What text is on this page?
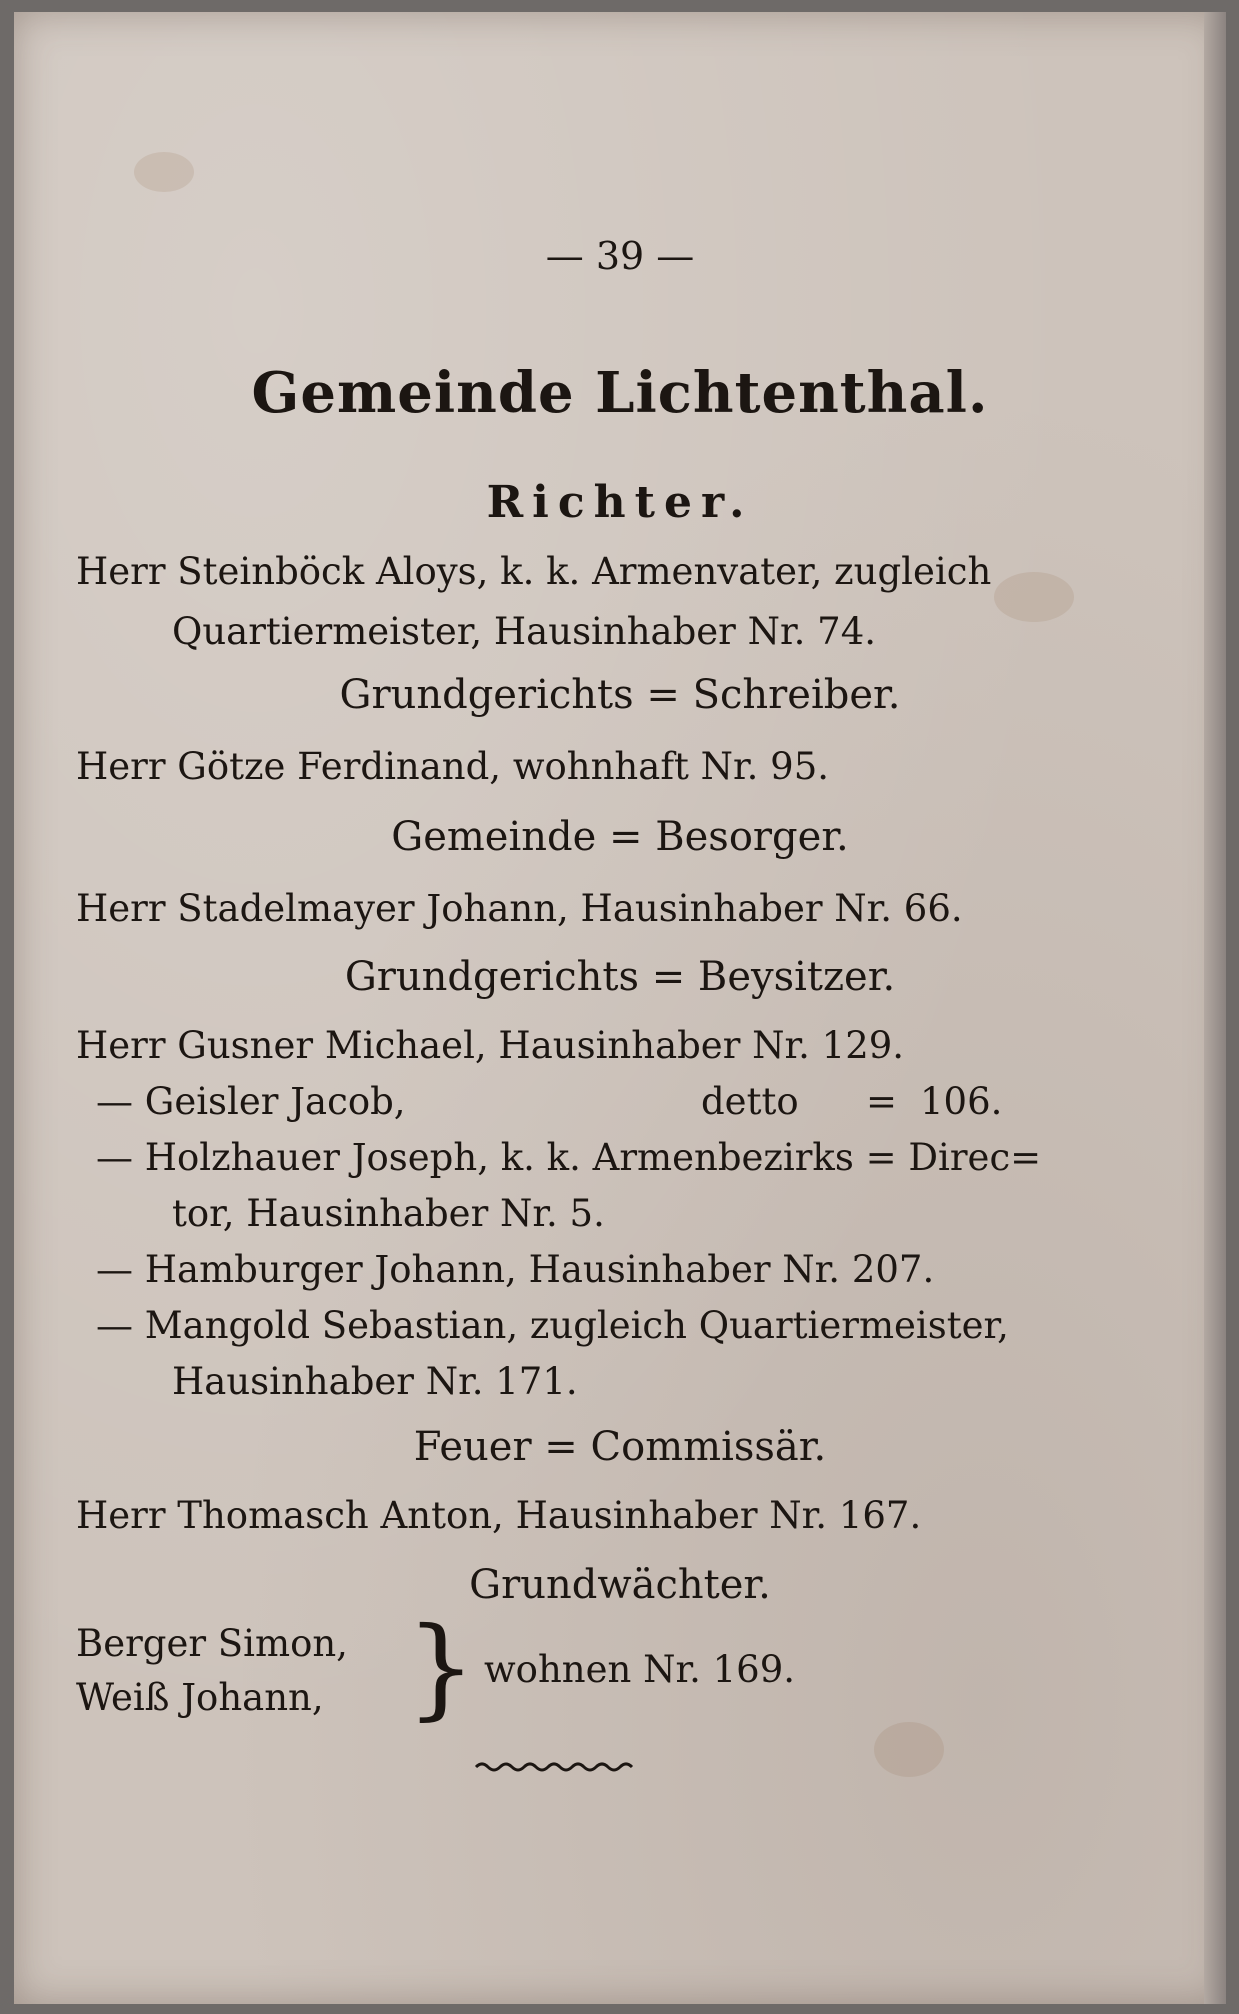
— 39 —
Gemeinde Lichtenthal.
Richter.
Herr Steinböck Aloys, k. k. Armenvater, zugleich
Quartiermeister, Hausinhaber Nr. 74.
Grundgerichts = Schreiber.
Herr Götze Ferdinand, wohnhaft Nr. 95.
Gemeinde = Besorger.
Herr Stadelmayer Johann, Hausinhaber Nr. 66.
Grundgerichts = Beysitzer.
Herr Gusner Michael, Hausinhaber Nr. 129.
— Geisler Jacob,	detto = 106.
— Holzhauer Joseph, k. k. Armenbezirks = Direc=
tor, Hausinhaber Nr. 5.
— Hamburger Johann, Hausinhaber Nr. 207.
— Mangold Sebastian, zugleich Quartiermeister,
Hausinhaber Nr. 171.
Feuer = Commissär.
Herr Thomasch Anton, Hausinhaber Nr. 167.
Grundwächter.
Berger Simon,
Weiß Johann, } wohnen Nr. 169.
